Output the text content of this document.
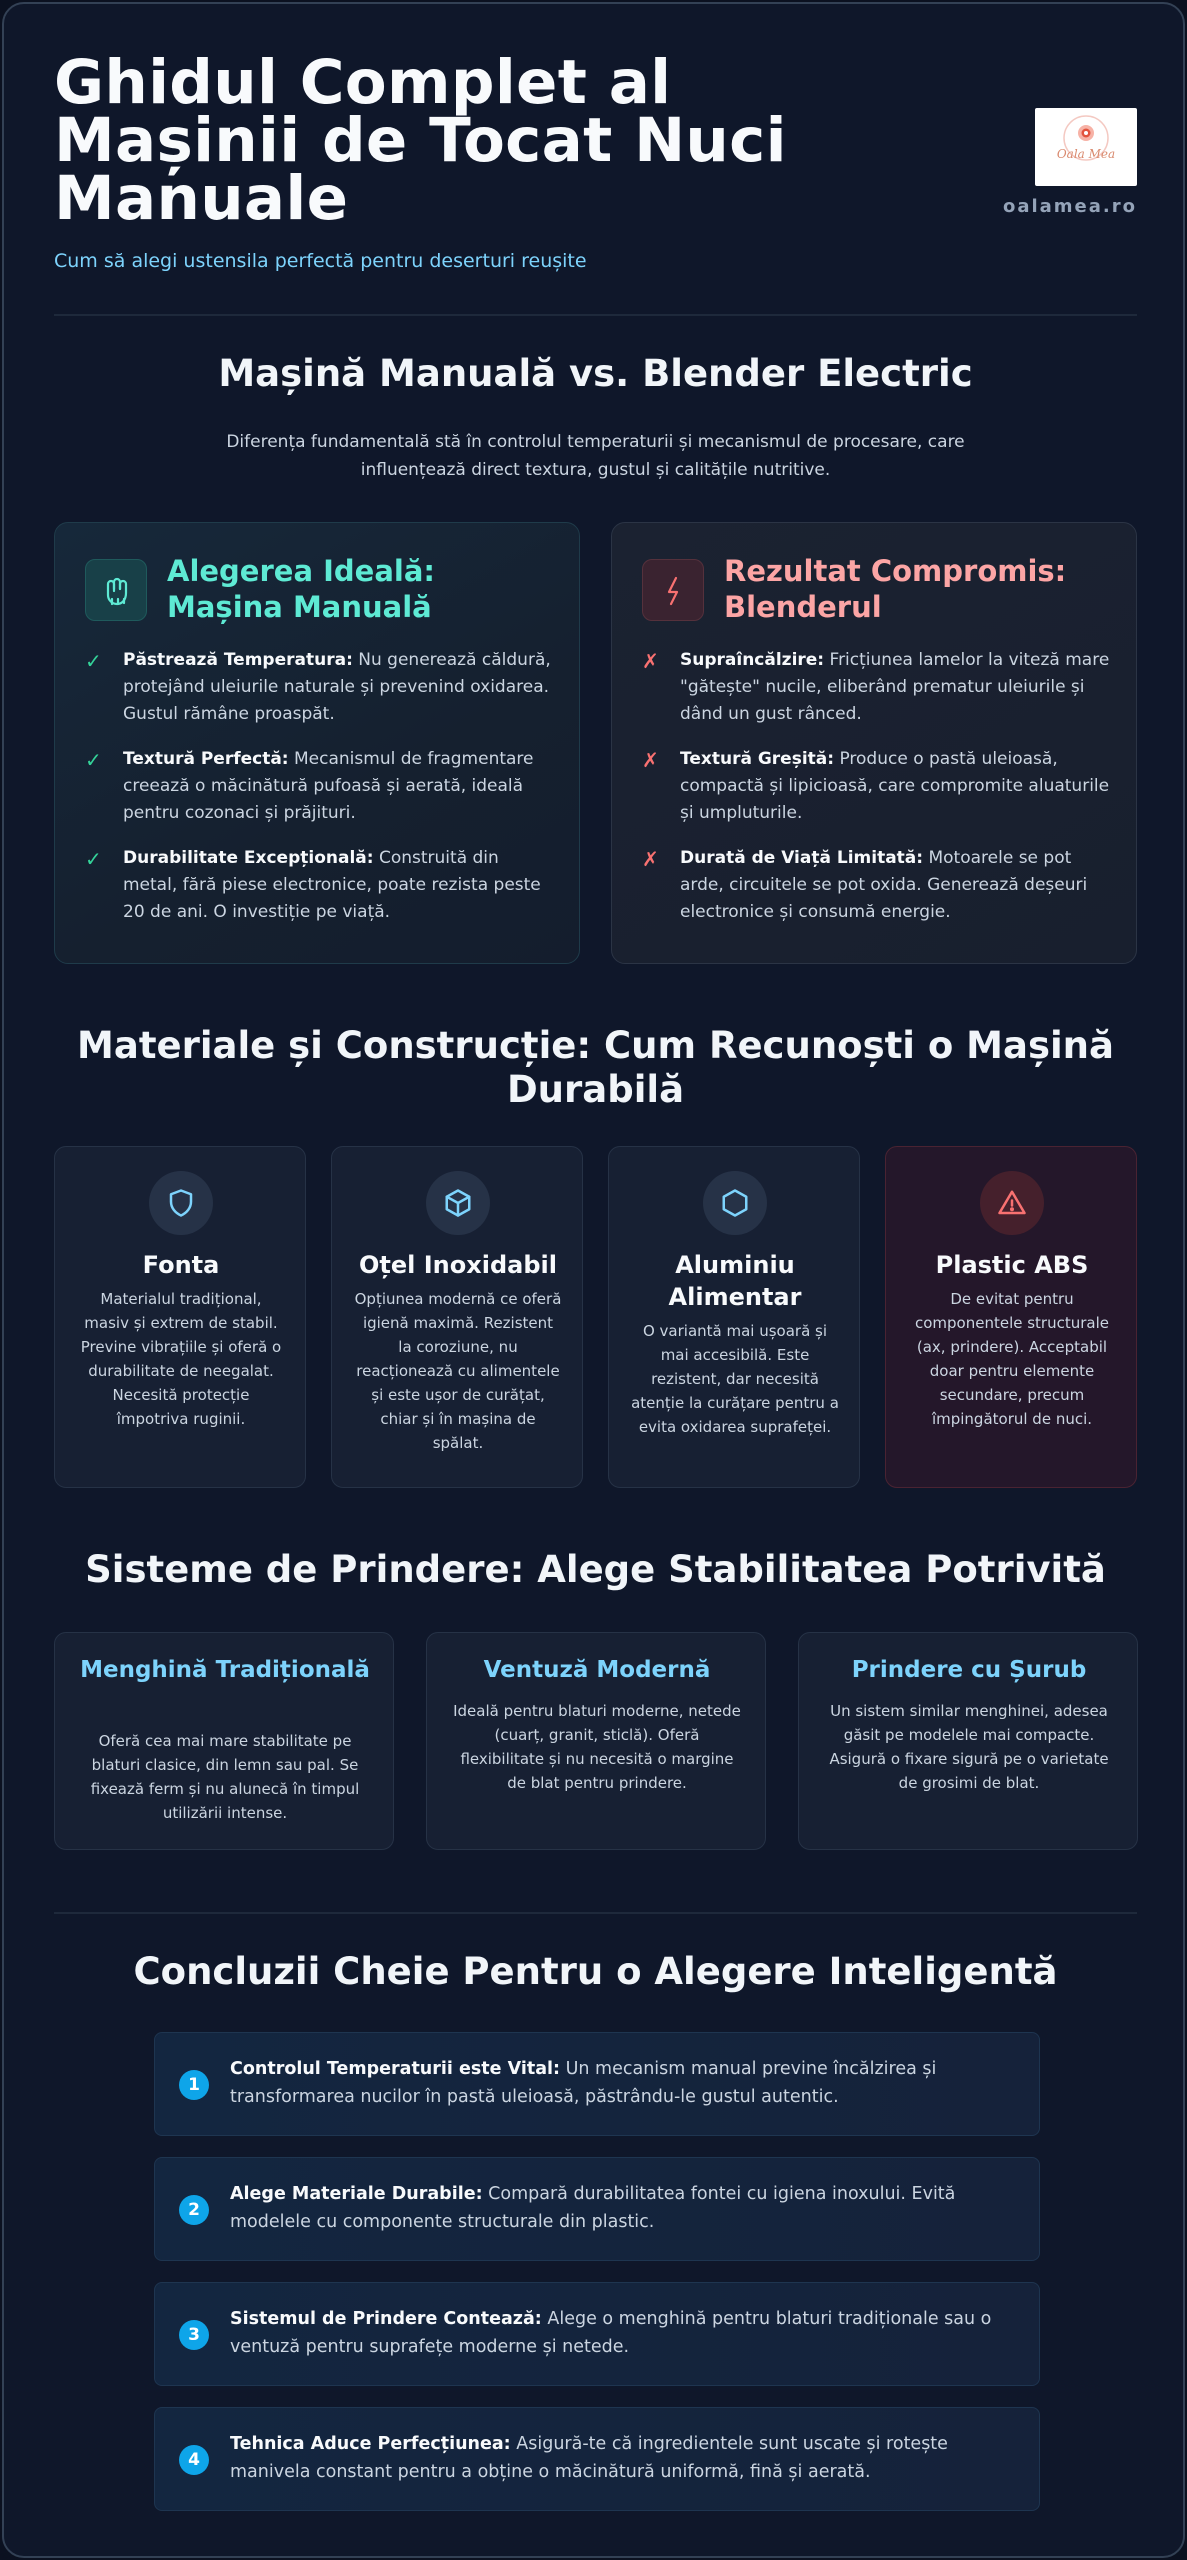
Ghidul Complet al
Mașinii de Tocat Nuci
Manuale
Cum să alegi ustensila perfectă pentru deserturi reușite
Oala Mea
oalamea.ro
Mașină Manuală vs. Blender Electric
Diferența fundamentală stă în controlul temperaturii și mecanismul de procesare, care influențează direct textura, gustul și calitățile nutritive.
Alegerea Ideală: Mașina Manuală
✓ Păstrează Temperatura: Nu generează căldură, protejând uleiurile naturale și prevenind oxidarea. Gustul rămâne proaspăt.
✓ Textură Perfectă: Mecanismul de fragmentare creează o măcinătură pufoasă și aerată, ideală pentru cozonaci și prăjituri.
✓ Durabilitate Excepțională: Construită din metal, fără piese electronice, poate rezista peste 20 de ani. O investiție pe viață.
Rezultat Compromis: Blenderul
✗ Supraîncălzire: Fricțiunea lamelor la viteză mare "gătește" nucile, eliberând prematur uleiurile și dând un gust rânced.
✗ Textură Greșită: Produce o pastă uleioasă, compactă și lipicioasă, care compromite aluaturile și umpluturile.
✗ Durată de Viață Limitată: Motoarele se pot arde, circuitele se pot oxida. Generează deșeuri electronice și consumă energie.
Materiale și Construcție: Cum Recunoști o Mașină Durabilă
Fonta
Materialul tradițional, masiv și extrem de stabil. Previne vibrațiile și oferă o durabilitate de neegalat. Necesită protecție împotriva ruginii.
Oțel Inoxidabil
Opțiunea modernă ce oferă igienă maximă. Rezistent la coroziune, nu reacționează cu alimentele și este ușor de curățat, chiar și în mașina de spălat.
Aluminiu Alimentar
O variantă mai ușoară și mai accesibilă. Este rezistent, dar necesită atenție la curățare pentru a evita oxidarea suprafeței.
Plastic ABS
De evitat pentru componentele structurale (ax, prindere). Acceptabil doar pentru elemente secundare, precum împingătorul de nuci.
Sisteme de Prindere: Alege Stabilitatea Potrivită
Menghină Tradițională
Oferă cea mai mare stabilitate pe blaturi clasice, din lemn sau pal. Se fixează ferm și nu alunecă în timpul utilizării intense.
Ventuză Modernă
Ideală pentru blaturi moderne, netede (cuarț, granit, sticlă). Oferă flexibilitate și nu necesită o margine de blat pentru prindere.
Prindere cu Șurub
Un sistem similar menghinei, adesea găsit pe modelele mai compacte. Asigură o fixare sigură pe o varietate de grosimi de blat.
Concluzii Cheie Pentru o Alegere Inteligentă
1
Controlul Temperaturii este Vital: Un mecanism manual previne încălzirea și transformarea nucilor în pastă uleioasă, păstrându-le gustul autentic.
2
Alege Materiale Durabile: Compară durabilitatea fontei cu igiena inoxului. Evită modelele cu componente structurale din plastic.
3
Sistemul de Prindere Contează: Alege o menghină pentru blaturi tradiționale sau o ventuză pentru suprafețe moderne și netede.
4
Tehnica Aduce Perfecțiunea: Asigură-te că ingredientele sunt uscate și rotește manivela constant pentru a obține o măcinătură uniformă, fină și aerată.
